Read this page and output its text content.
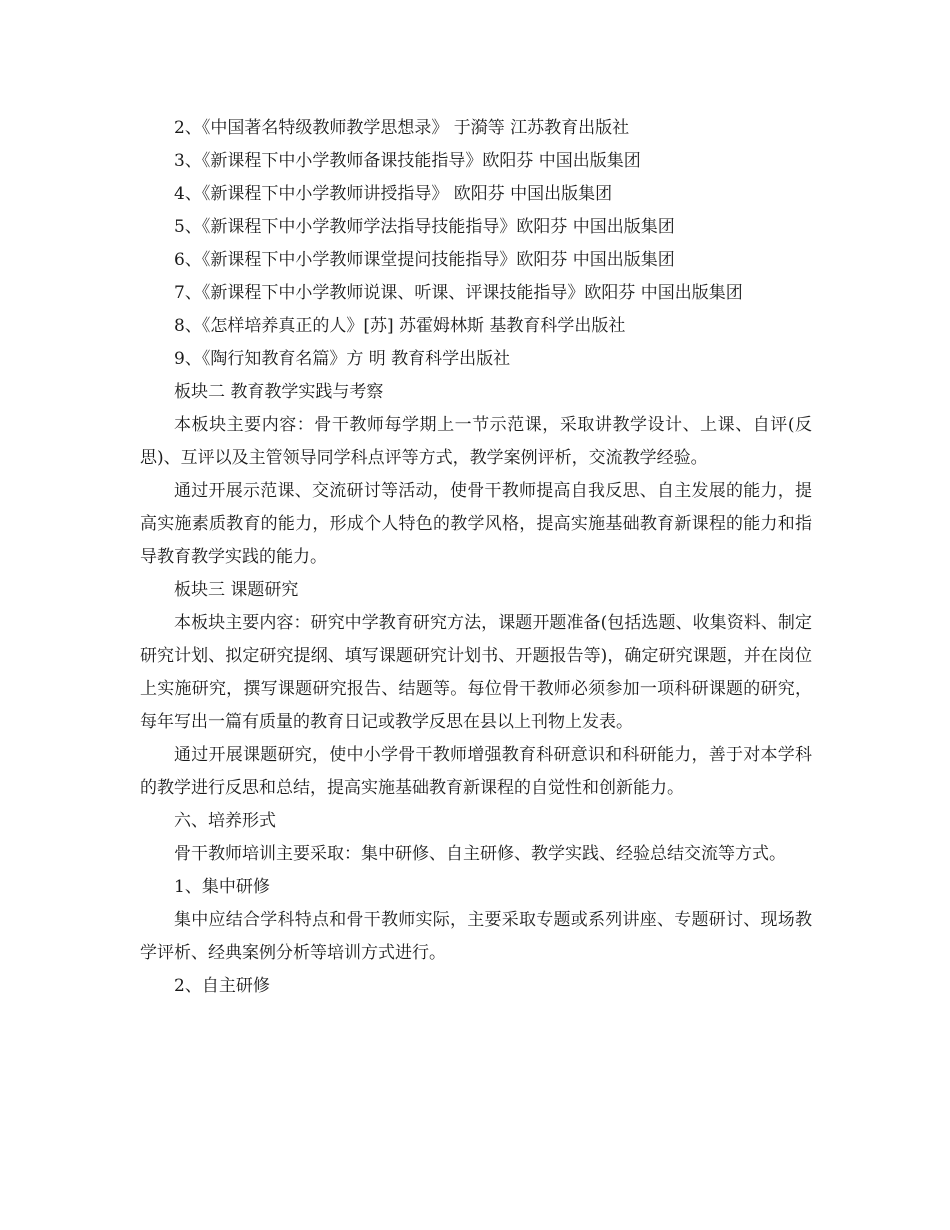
2、《中国著名特级教师教学思想录》 于漪等 江苏教育出版社
3、《新课程下中小学教师备课技能指导》欧阳芬 中国出版集团
4、《新课程下中小学教师讲授指导》 欧阳芬 中国出版集团
5、《新课程下中小学教师学法指导技能指导》欧阳芬 中国出版集团
6、《新课程下中小学教师课堂提问技能指导》欧阳芬 中国出版集团
7、《新课程下中小学教师说课、听课、评课技能指导》欧阳芬 中国出版集团
8、《怎样培养真正的人》[苏] 苏霍姆林斯 基教育科学出版社
9、《陶行知教育名篇》方 明 教育科学出版社
板块二 教育教学实践与考察
本板块主要内容：骨干教师每学期上一节示范课，采取讲教学设计、上课、自评(反思)、互评以及主管领导同学科点评等方式，教学案例评析，交流教学经验。
通过开展示范课、交流研讨等活动，使骨干教师提高自我反思、自主发展的能力，提高实施素质教育的能力，形成个人特色的教学风格，提高实施基础教育新课程的能力和指导教育教学实践的能力。
板块三 课题研究
本板块主要内容：研究中学教育研究方法，课题开题准备(包括选题、收集资料、制定研究计划、拟定研究提纲、填写课题研究计划书、开题报告等)，确定研究课题，并在岗位上实施研究，撰写课题研究报告、结题等。每位骨干教师必须参加一项科研课题的研究，每年写出一篇有质量的教育日记或教学反思在县以上刊物上发表。
通过开展课题研究，使中小学骨干教师增强教育科研意识和科研能力，善于对本学科的教学进行反思和总结，提高实施基础教育新课程的自觉性和创新能力。
六、培养形式
骨干教师培训主要采取：集中研修、自主研修、教学实践、经验总结交流等方式。
1、集中研修
集中应结合学科特点和骨干教师实际，主要采取专题或系列讲座、专题研讨、现场教学评析、经典案例分析等培训方式进行。
2、自主研修
